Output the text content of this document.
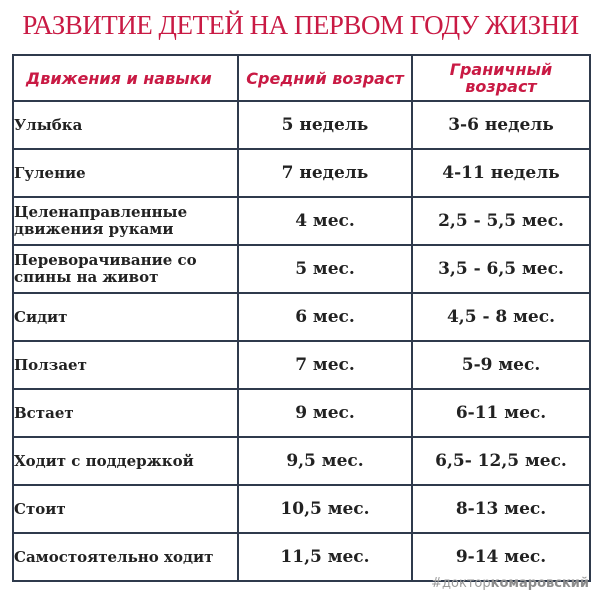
РАЗВИТИЕ ДЕТЕЙ НА ПЕРВОМ ГОДУ ЖИЗНИ
Движения и навыки	Средний возраст	Граничный возраст
Улыбка	5 недель	3-6 недель
Гуление	7 недель	4-11 недель
Целенаправленные движения руками	4 мес.	2,5 - 5,5 мес.
Переворачивание со спины на живот	5 мес.	3,5 - 6,5 мес.
Сидит	6 мес.	4,5 - 8 мес.
Ползает	7 мес.	5-9 мес.
Встает	9 мес.	6-11 мес.
Ходит с поддержкой	9,5 мес.	6,5- 12,5 мес.
Стоит	10,5 мес.	8-13 мес.
Самостоятельно ходит	11,5 мес.	9-14 мес.
#докторкомаровский
